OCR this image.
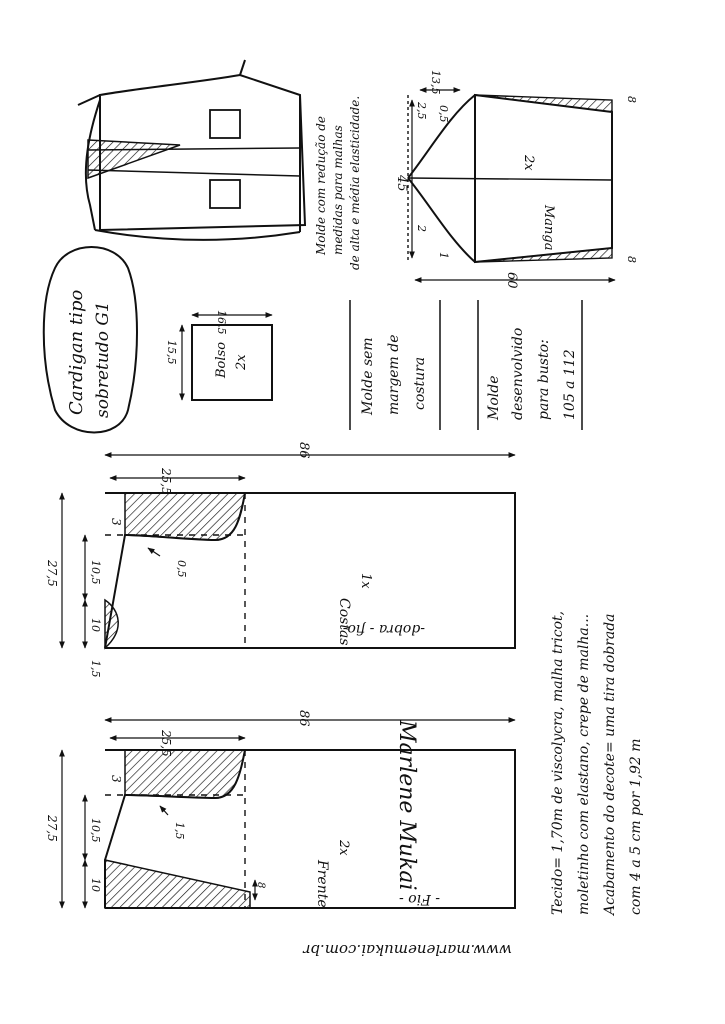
Manga
2x
45
60
13,5
2,5 0,5
2
1
8
8
Molde com redução de medidas para malhas de alta e média elasticidade.
Cardigan tipo sobretudo G1	Bolso 2x
16,5
15,5	Molde sem margem de costura	Molde desenvolvido para busto: 105 a 112
Costas
1x
-dobra - fio-
86
25,5
27,5
3
10,5
10
0,5
1,5
Marlene Mukai
Frente
2x
- Fio -
86
25,5
27,5
3
10,5
10
1,5
8
www.marlenemukai.com.br
Tecido= 1,70m de viscolycra, malha tricot, moletinho com elastano, crepe de malha... Acabamento do decote= uma tira dobrada com 4 a 5 cm por 1,92 m
